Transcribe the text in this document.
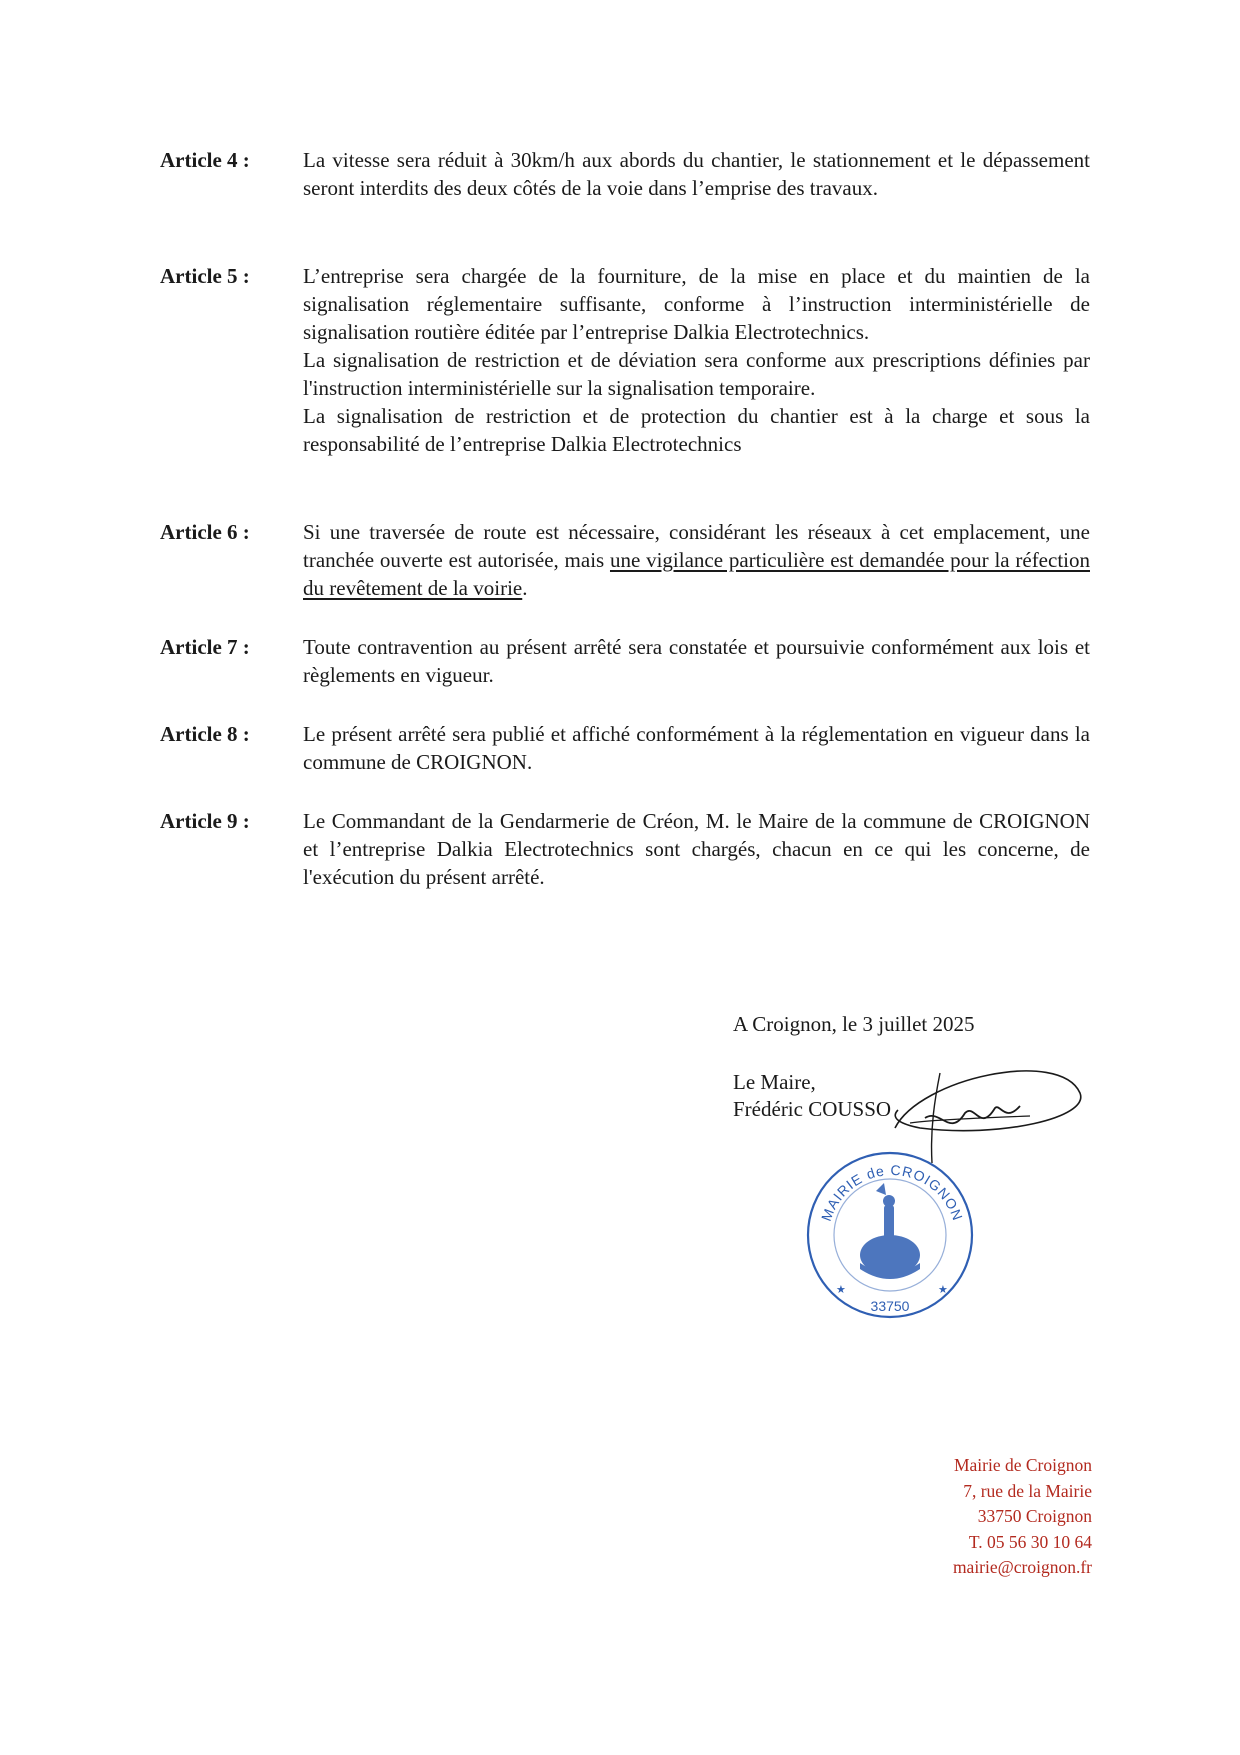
Article 4 :	La vitesse sera réduit à 30km/h aux abords du chantier, le stationnement et le dépassement seront interdits des deux côtés de la voie dans l’emprise des travaux.

Article 5 :	L’entreprise sera chargée de la fourniture, de la mise en place et du maintien de la signalisation réglementaire suffisante, conforme à l’instruction interministérielle de signalisation routière éditée par l’entreprise Dalkia Electrotechnics.

La signalisation de restriction et de déviation sera conforme aux prescriptions définies par l'instruction interministérielle sur la signalisation temporaire.

La signalisation de restriction et de protection du chantier est à la charge et sous la responsabilité de l’entreprise Dalkia Electrotechnics

Article 6 :	Si une traversée de route est nécessaire, considérant les réseaux à cet emplacement, une tranchée ouverte est autorisée, mais une vigilance particulière est demandée pour la réfection du revêtement de la voirie.

Article 7 :	Toute contravention au présent arrêté sera constatée et poursuivie conformément aux lois et règlements en vigueur.

Article 8 :	Le présent arrêté sera publié et affiché conformément à la réglementation en vigueur dans la commune de CROIGNON.

Article 9 :	Le Commandant de la Gendarmerie de Créon, M. le Maire de la commune de CROIGNON et l’entreprise Dalkia Electrotechnics sont chargés, chacun en ce qui les concerne, de l'exécution du présent arrêté.

A Croignon, le 3 juillet 2025
Le Maire,
Frédéric COUSSO
MAIRIE de CROIGNON
★	★
33750
Mairie de Croignon
7, rue de la Mairie
33750 Croignon
T. 05 56 30 10 64
mairie@croignon.fr
